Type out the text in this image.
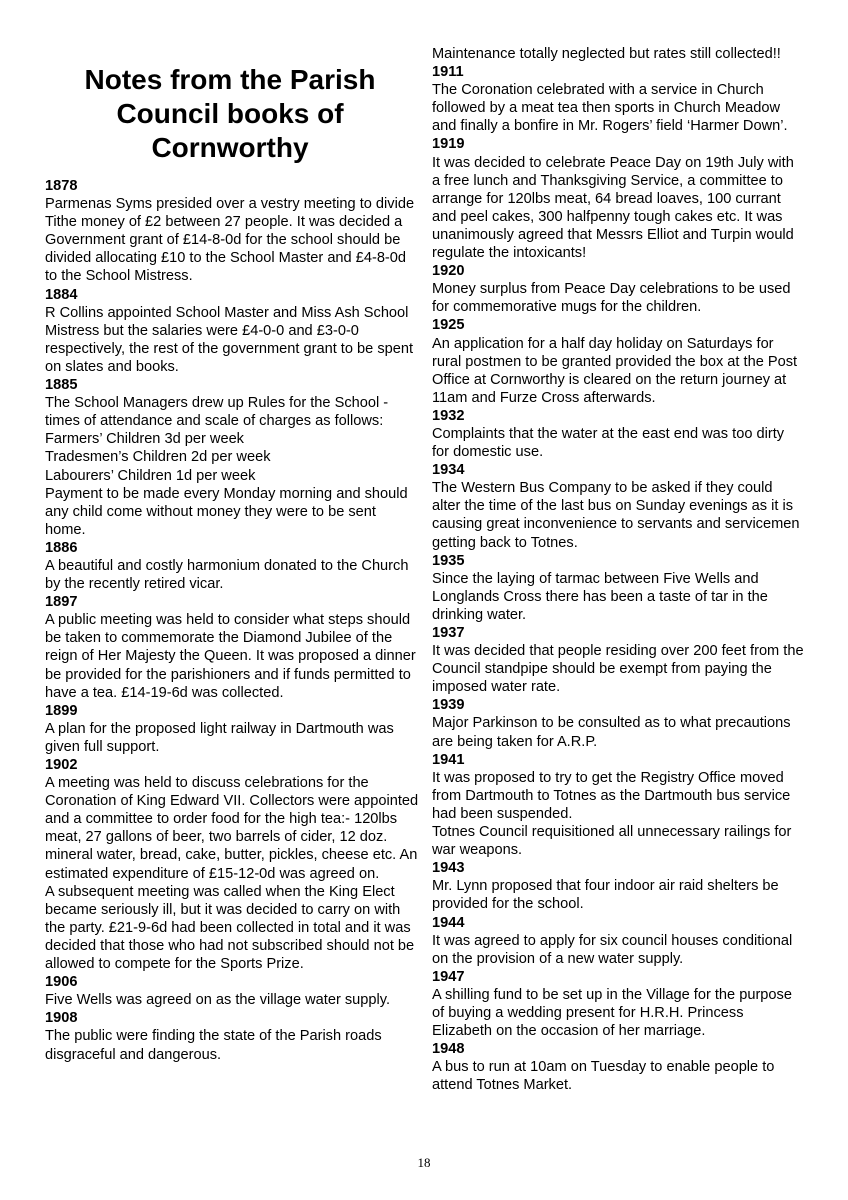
Notes from the Parish Council books of Cornworthy
1878

Parmenas Syms presided over a vestry meeting to divide Tithe money of £2 between 27 people. It was decided a Government grant of £14-8-0d for the school should be divided allocating £10 to the School Master and £4-8-0d to the School Mistress.

1884

R Collins appointed School Master and Miss Ash School Mistress but the salaries were £4-0-0 and £3-0-0 respectively, the rest of the government grant to be spent on slates and books.

1885

The School Managers drew up Rules for the School - times of attendance and scale of charges as follows:

Farmers’ Children 3d per week

Tradesmen’s Children 2d per week

Labourers’ Children 1d per week

Payment to be made every Monday morning and should any child come without money they were to be sent home.

1886

A beautiful and costly harmonium donated to the Church by the recently retired vicar.

1897

A public meeting was held to consider what steps should be taken to commemorate the Diamond Jubilee of the reign of Her Majesty the Queen. It was proposed a dinner be provided for the parishioners and if funds permitted to have a tea. £14-19-6d was collected.

1899

A plan for the proposed light railway in Dartmouth was given full support.

1902

A meeting was held to discuss celebrations for the Coronation of King Edward VII. Collectors were appointed and a committee to order food for the high tea:- 120lbs meat, 27 gallons of beer, two barrels of cider, 12 doz. mineral water, bread, cake, butter, pickles, cheese etc. An estimated expenditure of £15-12-0d was agreed on.

A subsequent meeting was called when the King Elect became seriously ill, but it was decided to carry on with the party. £21-9-6d had been collected in total and it was decided that those who had not subscribed should not be allowed to compete for the Sports Prize.

1906

Five Wells was agreed on as the village water supply.

1908

The public were finding the state of the Parish roads disgraceful and dangerous.

Maintenance totally neglected but rates still collected!!

1911

The Coronation celebrated with a service in Church followed by a meat tea then sports in Church Meadow and finally a bonfire in Mr. Rogers’ field ‘Harmer Down’.

1919

It was decided to celebrate Peace Day on 19th July with a free lunch and Thanksgiving Service, a committee to arrange for 120lbs meat, 64 bread loaves, 100 currant and peel cakes, 300 halfpenny tough cakes etc. It was unanimously agreed that Messrs Elliot and Turpin would regulate the intoxicants!

1920

Money surplus from Peace Day celebrations to be used for commemorative mugs for the children.

1925

An application for a half day holiday on Saturdays for rural postmen to be granted provided the box at the Post Office at Cornworthy is cleared on the return journey at 11am and Furze Cross afterwards.

1932

Complaints that the water at the east end was too dirty for domestic use.

1934

The Western Bus Company to be asked if they could alter the time of the last bus on Sunday evenings as it is causing great inconvenience to servants and servicemen getting back to Totnes.

1935

Since the laying of tarmac between Five Wells and Longlands Cross there has been a taste of tar in the drinking water.

1937

It was decided that people residing over 200 feet from the Council standpipe should be exempt from paying the imposed water rate.

1939

Major Parkinson to be consulted as to what precautions are being taken for A.R.P.

1941

It was proposed to try to get the Registry Office moved from Dartmouth to Totnes as the Dartmouth bus service had been suspended.

Totnes Council requisitioned all unnecessary railings for war weapons.

1943

Mr. Lynn proposed that four indoor air raid shelters be provided for the school.

1944

It was agreed to apply for six council houses conditional on the provision of a new water supply.

1947

A shilling fund to be set up in the Village for the purpose of buying a wedding present for H.R.H. Princess Elizabeth on the occasion of her marriage.

1948

A bus to run at 10am on Tuesday to enable people to attend Totnes Market.

18
